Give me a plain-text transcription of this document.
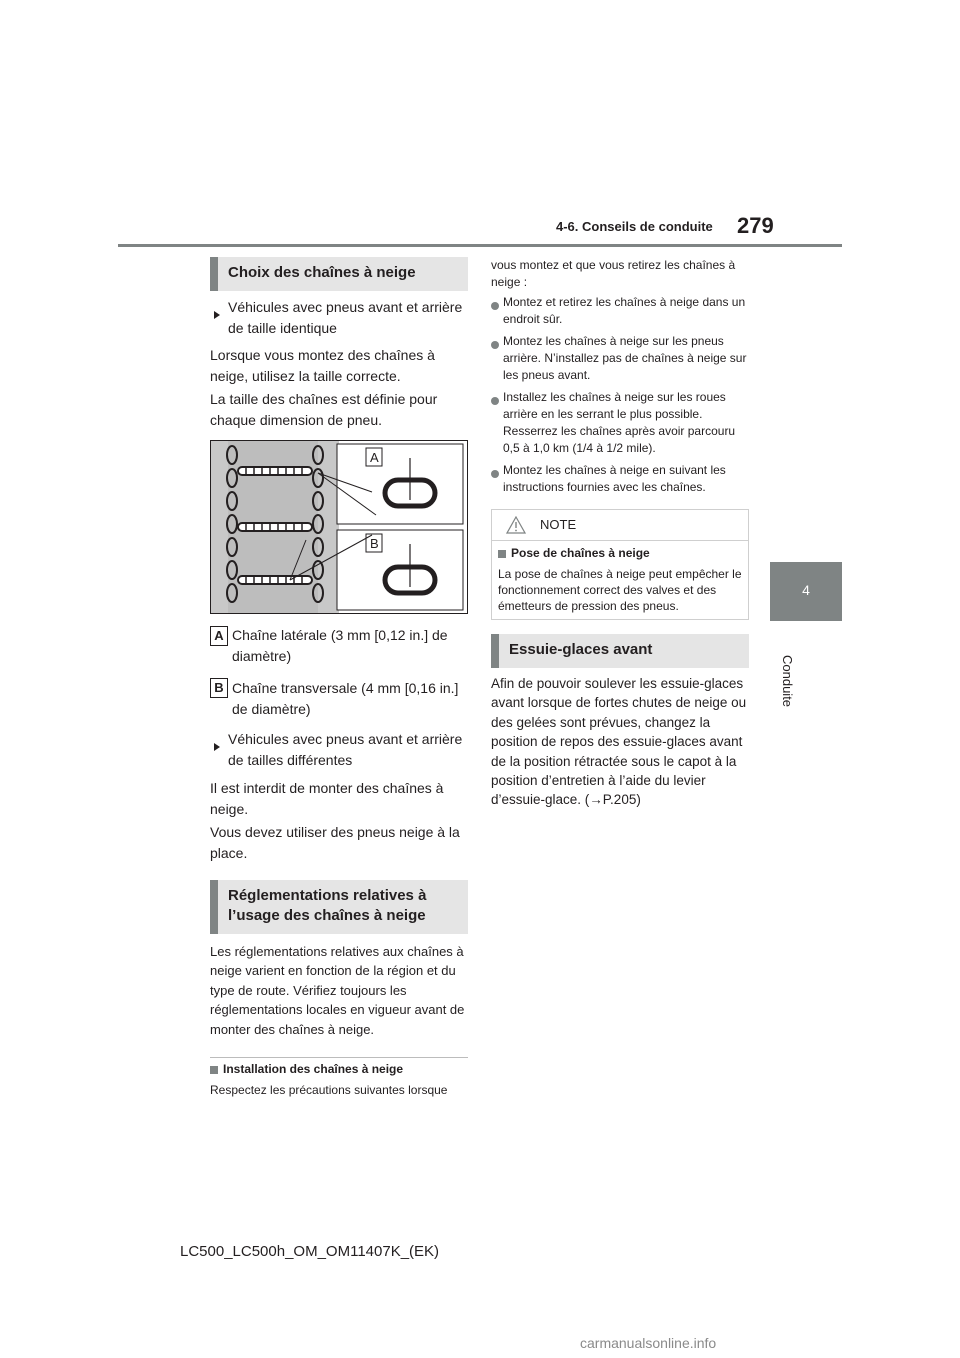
4-6. Conseils de conduite 279
4
Conduite
Choix des chaînes à neige
Véhicules avec pneus avant et arrière de taille identique
Lorsque vous montez des chaînes à neige, utilisez la taille correcte.
La taille des chaînes est définie pour chaque dimension de pneu.
A
B
A Chaîne latérale (3 mm [0,12 in.] de diamètre)
B Chaîne transversale (4 mm [0,16 in.] de diamètre)
Véhicules avec pneus avant et arrière de tailles différentes
Il est interdit de monter des chaînes à neige.
Vous devez utiliser des pneus neige à la place.
Réglementations relatives à l’usage des chaînes à neige
Les réglementations relatives aux chaînes à neige varient en fonction de la région et du type de route. Vérifiez toujours les réglementations locales en vigueur avant de monter des chaînes à neige.
Installation des chaînes à neige
Respectez les précautions suivantes lorsque
vous montez et que vous retirez les chaînes à neige :
Montez et retirez les chaînes à neige dans un endroit sûr.
Montez les chaînes à neige sur les pneus arrière. N’installez pas de chaînes à neige sur les pneus avant.
Installez les chaînes à neige sur les roues arrière en les serrant le plus possible. Resserrez les chaînes après avoir parcouru 0,5 à 1,0 km (1/4 à 1/2 mile).
Montez les chaînes à neige en suivant les instructions fournies avec les chaînes.
NOTE
Pose de chaînes à neige
La pose de chaînes à neige peut empêcher le fonctionnement correct des valves et des émetteurs de pression des pneus.
Essuie-glaces avant
Afin de pouvoir soulever les essuie-glaces avant lorsque de fortes chutes de neige ou des gelées sont prévues, changez la position de repos des essuie-glaces avant de la position rétractée sous le capot à la position d’entretien à l’aide du levier d’essuie-glace. (→P.205)
LC500_LC500h_OM_OM11407K_(EK)
carmanualsonline.info
